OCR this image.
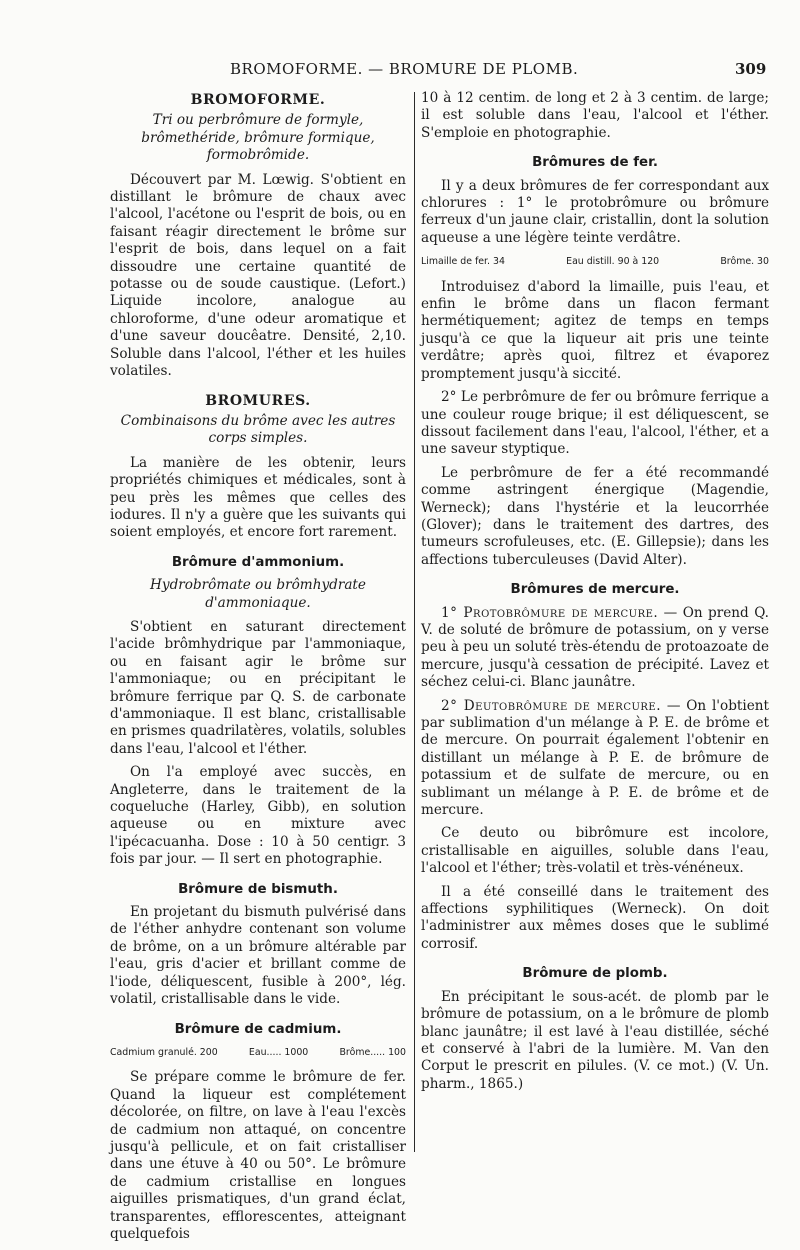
BROMOFORME. — BROMURE DE PLOMB.	309
BROMOFORME.
Tri ou perbrômure de formyle, brômethéride, brômure formique, formobrômide.

Découvert par M. Lœwig. S'obtient en distillant le brômure de chaux avec l'alcool, l'acétone ou l'esprit de bois, ou en faisant réagir directement le brôme sur l'esprit de bois, dans lequel on a fait dissoudre une certaine quantité de potasse ou de soude caustique. (Lefort.) Liquide incolore, analogue au chloroforme, d'une odeur aromatique et d'une saveur doucêatre. Densité, 2,10. Soluble dans l'alcool, l'éther et les huiles volatiles.

BROMURES.
Combinaisons du brôme avec les autres corps simples.

La manière de les obtenir, leurs propriétés chimiques et médicales, sont à peu près les mêmes que celles des iodures. Il n'y a guère que les suivants qui soient employés, et encore fort rarement.

Brômure d'ammonium.
Hydrobrômate ou brômhydrate d'ammoniaque.

S'obtient en saturant directement l'acide brômhydrique par l'ammoniaque, ou en faisant agir le brôme sur l'ammoniaque; ou en précipitant le brômure ferrique par Q. S. de carbonate d'ammoniaque. Il est blanc, cristallisable en prismes quadrilatères, volatils, solubles dans l'eau, l'alcool et l'éther.

On l'a employé avec succès, en Angleterre, dans le traitement de la coqueluche (Harley, Gibb), en solution aqueuse ou en mixture avec l'ipécacuanha. Dose : 10 à 50 centigr. 3 fois par jour. — Il sert en photographie.

Brômure de bismuth.

En projetant du bismuth pulvérisé dans de l'éther anhydre contenant son volume de brôme, on a un brômure altérable par l'eau, gris d'acier et brillant comme de l'iode, déliquescent, fusible à 200°, lég. volatil, cristallisable dans le vide.

Brômure de cadmium.
Cadmium granulé. 200	Eau..... 1000	Brôme..... 100

Se prépare comme le brômure de fer. Quand la liqueur est complétement décolorée, on filtre, on lave à l'eau l'excès de cadmium non attaqué, on concentre jusqu'à pellicule, et on fait cristalliser dans une étuve à 40 ou 50°. Le brômure de cadmium cristallise en longues aiguilles prismatiques, d'un grand éclat, transparentes, efflorescentes, atteignant quelquefois

10 à 12 centim. de long et 2 à 3 centim. de large; il est soluble dans l'eau, l'alcool et l'éther. S'emploie en photographie.

Brômures de fer.

Il y a deux brômures de fer correspondant aux chlorures : 1° le protobrômure ou brômure ferreux d'un jaune clair, cristallin, dont la solution aqueuse a une légère teinte verdâtre.

Limaille de fer. 34	Eau distill. 90 à 120	Brôme. 30

Introduisez d'abord la limaille, puis l'eau, et enfin le brôme dans un flacon fermant hermétiquement; agitez de temps en temps jusqu'à ce que la liqueur ait pris une teinte verdâtre; après quoi, filtrez et évaporez promptement jusqu'à siccité.

2° Le perbrômure de fer ou brômure ferrique a une couleur rouge brique; il est déliquescent, se dissout facilement dans l'eau, l'alcool, l'éther, et a une saveur styptique.

Le perbrômure de fer a été recommandé comme astringent énergique (Magendie, Werneck); dans l'hystérie et la leucorrhée (Glover); dans le traitement des dartres, des tumeurs scrofuleuses, etc. (E. Gillepsie); dans les affections tuberculeuses (David Alter).

Brômures de mercure.

1° Protobrômure de mercure. — On prend Q. V. de soluté de brômure de potassium, on y verse peu à peu un soluté très-étendu de protoazoate de mercure, jusqu'à cessation de précipité. Lavez et séchez celui-ci. Blanc jaunâtre.

2° Deutobrômure de mercure. — On l'obtient par sublimation d'un mélange à P. E. de brôme et de mercure. On pourrait également l'obtenir en distillant un mélange à P. E. de brômure de potassium et de sulfate de mercure, ou en sublimant un mélange à P. E. de brôme et de mercure.

Ce deuto ou bibrômure est incolore, cristallisable en aiguilles, soluble dans l'eau, l'alcool et l'éther; très-volatil et très-vénéneux.

Il a été conseillé dans le traitement des affections syphilitiques (Werneck). On doit l'administrer aux mêmes doses que le sublimé corrosif.

Brômure de plomb.

En précipitant le sous-acét. de plomb par le brômure de potassium, on a le brômure de plomb blanc jaunâtre; il est lavé à l'eau distillée, séché et conservé à l'abri de la lumière. M. Van den Corput le prescrit en pilules. (V. ce mot.) (V. Un. pharm., 1865.)
